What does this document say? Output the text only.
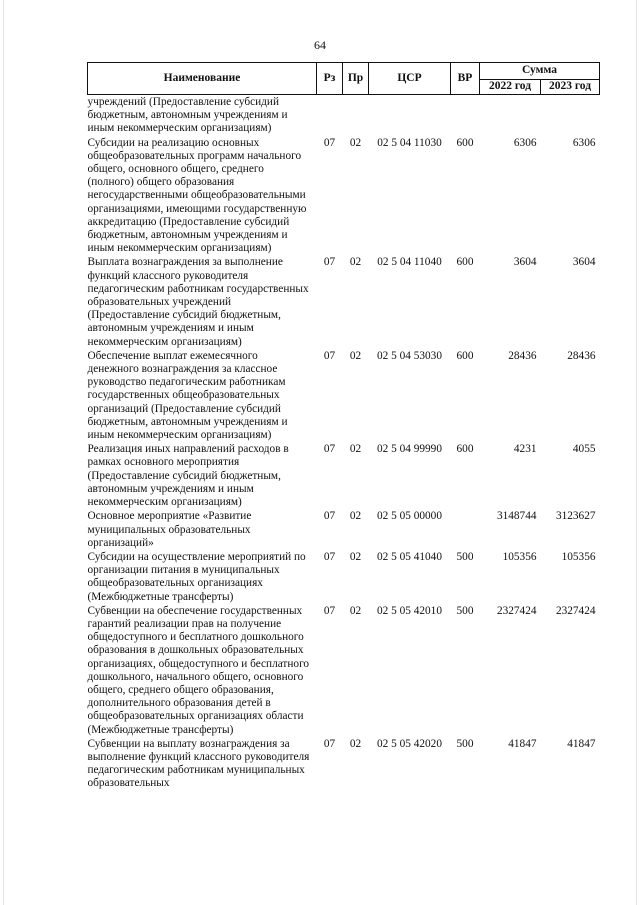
64
Наименование	Рз	Пр	ЦСР	ВР	Сумма	
					2022 год	2023 год
учреждений (Предоставление субсидий бюджетным, автономным учреждениям и иным некоммерческим организациям)						
Субсидии на реализацию основных общеобразовательных программ начального общего, основного общего, среднего (полного) общего образования негосударственными общеобразовательными организациями, имеющими государственную аккредитацию (Предоставление субсидий бюджетным, автономным учреждениям и иным некоммерческим организациям)	07	02	02 5 04 11030	600	6306	6306
Выплата вознаграждения за выполнение функций классного руководителя педагогическим работникам государственных образовательных учреждений (Предоставление субсидий бюджетным, автономным учреждениям и иным некоммерческим организациям)	07	02	02 5 04 11040	600	3604	3604
Обеспечение выплат ежемесячного денежного вознаграждения за классное руководство педагогическим работникам государственных общеобразовательных организаций (Предоставление субсидий бюджетным, автономным учреждениям и иным некоммерческим организациям)	07	02	02 5 04 53030	600	28436	28436
Реализация иных направлений расходов в рамках основного мероприятия (Предоставление субсидий бюджетным, автономным учреждениям и иным некоммерческим организациям)	07	02	02 5 04 99990	600	4231	4055
Основное мероприятие «Развитие муниципальных образовательных организаций»	07	02	02 5 05 00000		3148744	3123627
Субсидии на осуществление мероприятий по организации питания в муниципальных общеобразовательных организациях (Межбюджетные трансферты)	07	02	02 5 05 41040	500	105356	105356
Субвенции на обеспечение государственных гарантий реализации прав на получение общедоступного и бесплатного дошкольного образования в дошкольных образовательных организациях, общедоступного и бесплатного дошкольного, начального общего, основного общего, среднего общего образования, дополнительного образования детей в общеобразовательных организациях области (Межбюджетные трансферты)	07	02	02 5 05 42010	500	2327424	2327424
Субвенции на выплату вознаграждения за выполнение функций классного руководителя педагогическим работникам муниципальных образовательных	07	02	02 5 05 42020	500	41847	41847
